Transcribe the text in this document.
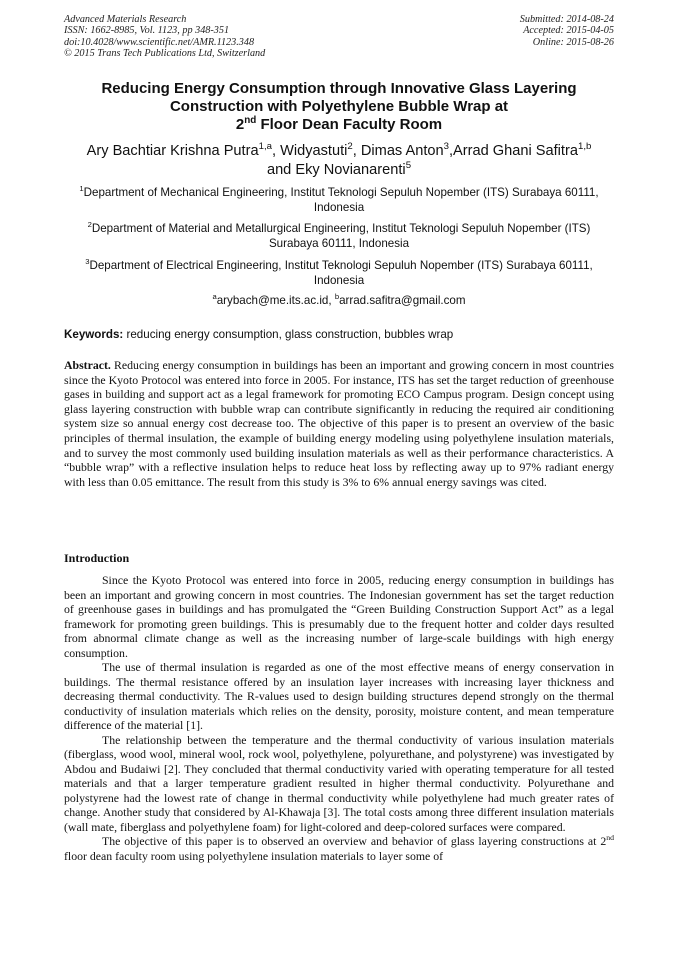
Advanced Materials Research
ISSN: 1662-8985, Vol. 1123, pp 348-351
doi:10.4028/www.scientific.net/AMR.1123.348
© 2015 Trans Tech Publications Ltd, Switzerland
Submitted: 2014-08-24
Accepted: 2015-04-05
Online: 2015-08-26
Reducing Energy Consumption through Innovative Glass Layering
Construction with Polyethylene Bubble Wrap at
2nd Floor Dean Faculty Room
Ary Bachtiar Krishna Putra$^{1,a}$, Widyastuti$^2$, Dimas Anton$^3$,Arrad Ghani Safitra$^{1,b}$
and Eky Novianarenti$^5$
$^1$Department of Mechanical Engineering, Institut Teknologi Sepuluh Nopember (ITS) Surabaya 60111, Indonesia
$^2$Department of Material and Metallurgical Engineering, Institut Teknologi Sepuluh Nopember (ITS) Surabaya 60111, Indonesia
$^3$Department of Electrical Engineering, Institut Teknologi Sepuluh Nopember (ITS) Surabaya 60111, Indonesia
$^a$arybach@me.its.ac.id, $^b$arrad.safitra@gmail.com
Keywords: reducing energy consumption, glass construction, bubbles wrap
Abstract. Reducing energy consumption in buildings has been an important and growing concern in most countries since the Kyoto Protocol was entered into force in 2005. For instance, ITS has set the target reduction of greenhouse gases in building and support act as a legal framework for promoting ECO Campus program. Design concept using glass layering construction with bubble wrap can contribute significantly in reducing the required air conditioning system size so annual energy cost decrease too. The objective of this paper is to present an overview of the basic principles of thermal insulation, the example of building energy modeling using polyethylene insulation materials, and to survey the most commonly used building insulation materials as well as their performance characteristics. A “bubble wrap” with a reflective insulation helps to reduce heat loss by reflecting away up to 97% radiant energy with less than 0.05 emittance. The result from this study is 3% to 6% annual energy savings was cited.
Introduction

Since the Kyoto Protocol was entered into force in 2005, reducing energy consumption in buildings has been an important and growing concern in most countries. The Indonesian government has set the target reduction of greenhouse gases in buildings and has promulgated the “Green Building Construction Support Act” as a legal framework for promoting green buildings. This is presumably due to the frequent hotter and colder days resulted from abnormal climate change as well as the increasing number of large-scale buildings with high energy consumption.

The use of thermal insulation is regarded as one of the most effective means of energy conservation in buildings. The thermal resistance offered by an insulation layer increases with increasing layer thickness and decreasing thermal conductivity. The R-values used to design building structures depend strongly on the thermal conductivity of insulation materials which relies on the density, porosity, moisture content, and mean temperature difference of the material [1].

The relationship between the temperature and the thermal conductivity of various insulation materials (fiberglass, wood wool, mineral wool, rock wool, polyethylene, polyurethane, and polystyrene) was investigated by Abdou and Budaiwi [2]. They concluded that thermal conductivity varied with operating temperature for all tested materials and that a larger temperature gradient resulted in higher thermal conductivity. Polyurethane and polystyrene had the lowest rate of change in thermal conductivity while polyethylene had much greater rates of change. Another study that considered by Al-Khawaja [3]. The total costs among three different insulation materials (wall mate, fiberglass and polyethylene foam) for light-colored and deep-colored surfaces were compared.

The objective of this paper is to observed an overview and behavior of glass layering constructions at 2nd floor dean faculty room using polyethylene insulation materials to layer some of
